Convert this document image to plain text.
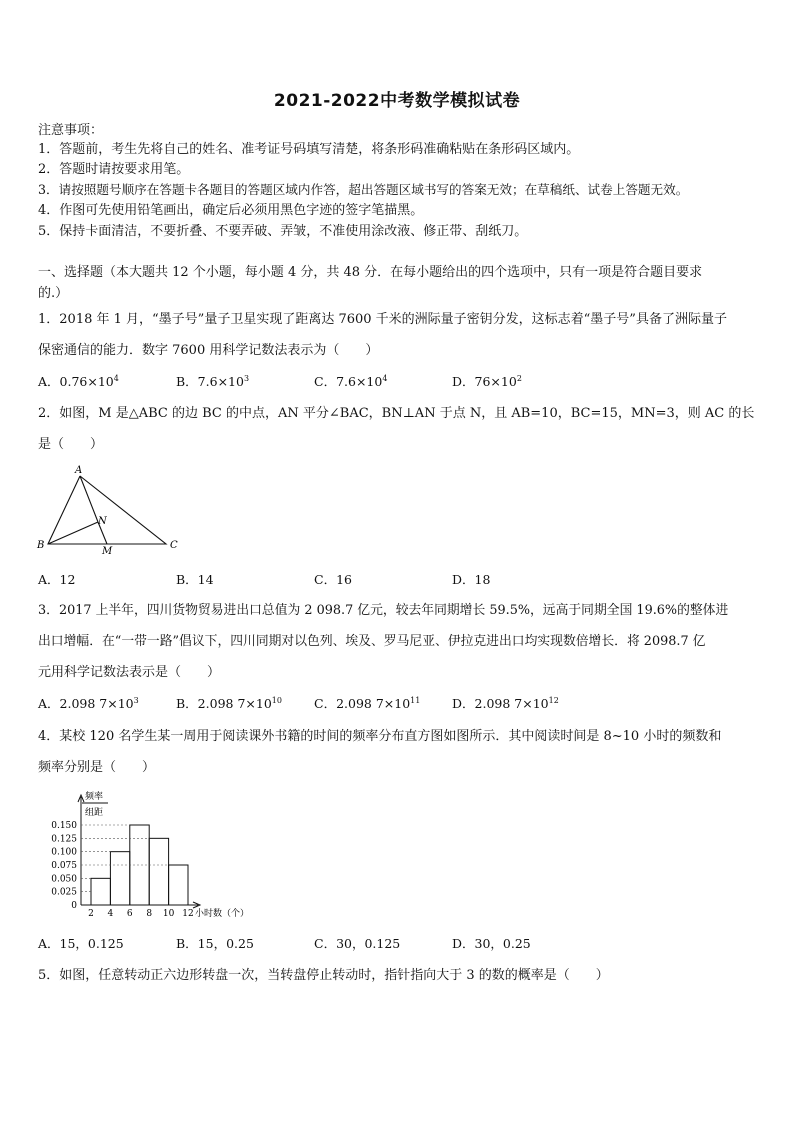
2021-2022中考数学模拟试卷
注意事项：
1．答题前，考生先将自己的姓名、准考证号码填写清楚，将条形码准确粘贴在条形码区域内。
2．答题时请按要求用笔。
3．请按照题号顺序在答题卡各题目的答题区域内作答，超出答题区域书写的答案无效；在草稿纸、试卷上答题无效。
4．作图可先使用铅笔画出，确定后必须用黑色字迹的签字笔描黑。
5．保持卡面清洁，不要折叠、不要弄破、弄皱，不准使用涂改液、修正带、刮纸刀。
一、选择题（本大题共 12 个小题，每小题 4 分，共 48 分．在每小题给出的四个选项中，只有一项是符合题目要求
的.）
1．2018 年 1 月，“墨子号”量子卫星实现了距离达 7600 千米的洲际量子密钥分发，这标志着“墨子号”具备了洲际量子
保密通信的能力．数字 7600 用科学记数法表示为（　　）
A．$0.76\times 10^4$	B．$7.6\times 10^3$	C．$7.6\times 10^4$	D．$76\times 10^2$
2．如图，M 是△ABC 的边 BC 的中点，AN 平分∠BAC，BN⊥AN 于点 N，且 AB=10，BC=15，MN=3，则 AC 的长
是（　　）
A
B	C
N
M
A．12	B．14	C．16	D．18
3．2017 上半年，四川货物贸易进出口总值为 2 098.7 亿元，较去年同期增长 59.5%，远高于同期全国 19.6%的整体进
出口增幅．在“一带一路”倡议下，四川同期对以色列、埃及、罗马尼亚、伊拉克进出口均实现数倍增长．将 2098.7 亿
元用科学记数法表示是（　　）
A．2.098 $7\times 10^3$	B．2.098 $7\times 10^{10}$	C．2.098 $7\times 10^{11}$	D．2.098 $7\times 10^{12}$
4．某校 120 名学生某一周用于阅读课外书籍的时间的频率分布直方图如图所示．其中阅读时间是 8~10 小时的频数和
频率分别是（　　）
频率
组距
小时数（个）
0
0.025
0.050
0.075
0.100
0.125
0.150
2 4 6 8 10 12
A．15，0.125	B．15，0.25	C．30，0.125	D．30，0.25
5．如图，任意转动正六边形转盘一次，当转盘停止转动时，指针指向大于 3 的数的概率是（　　）
